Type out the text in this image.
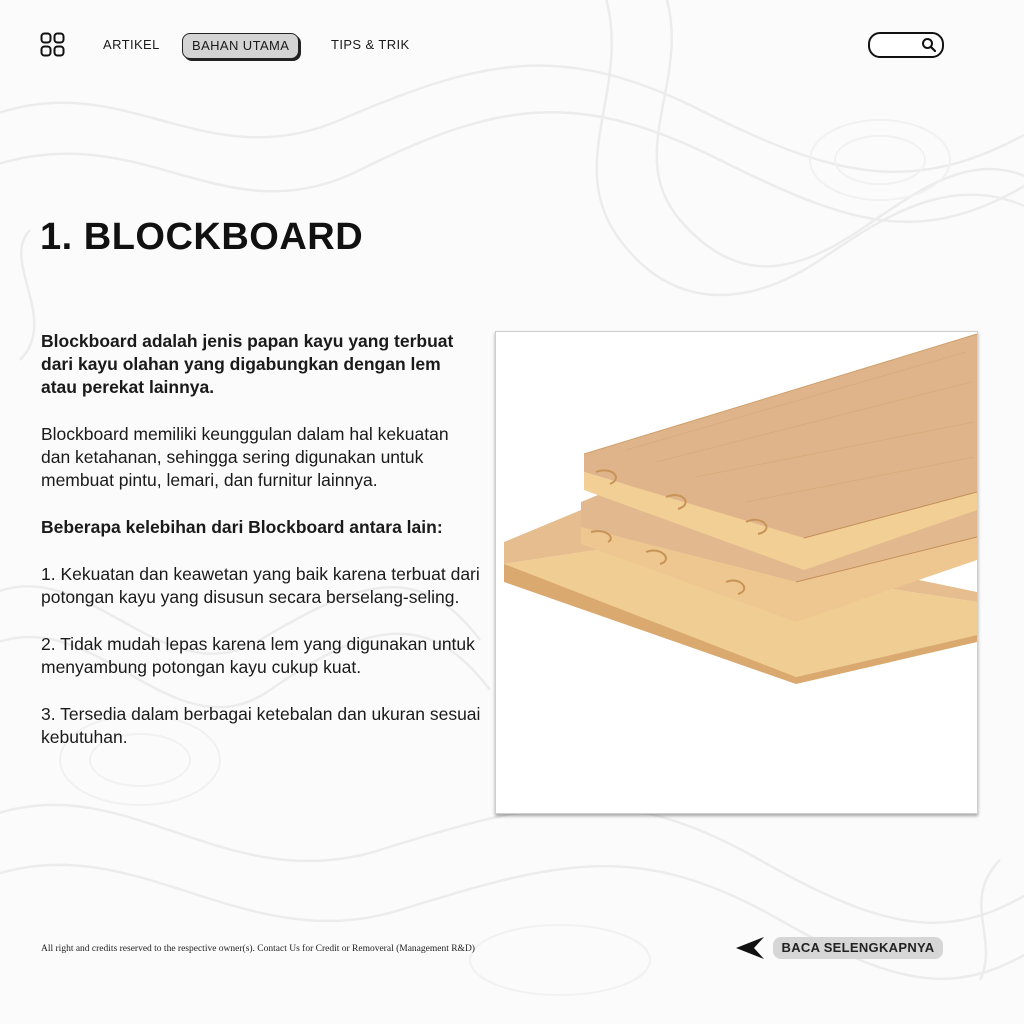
ARTIKEL	BAHAN UTAMA	TIPS & TRIK
1. BLOCKBOARD

Blockboard adalah jenis papan kayu yang terbuat dari kayu olahan yang digabungkan dengan lem atau perekat lainnya.

Blockboard memiliki keunggulan dalam hal kekuatan dan ketahanan, sehingga sering digunakan untuk membuat pintu, lemari, dan furnitur lainnya.

Beberapa kelebihan dari Blockboard antara lain:

1. Kekuatan dan keawetan yang baik karena terbuat dari potongan kayu yang disusun secara berselang-seling.

2. Tidak mudah lepas karena lem yang digunakan untuk menyambung potongan kayu cukup kuat.

3. Tersedia dalam berbagai ketebalan dan ukuran sesuai kebutuhan.

All right and credits reserved to the respective owner(s). Contact Us for Credit or Removeral (Management R&D)	BACA SELENGKAPNYA
